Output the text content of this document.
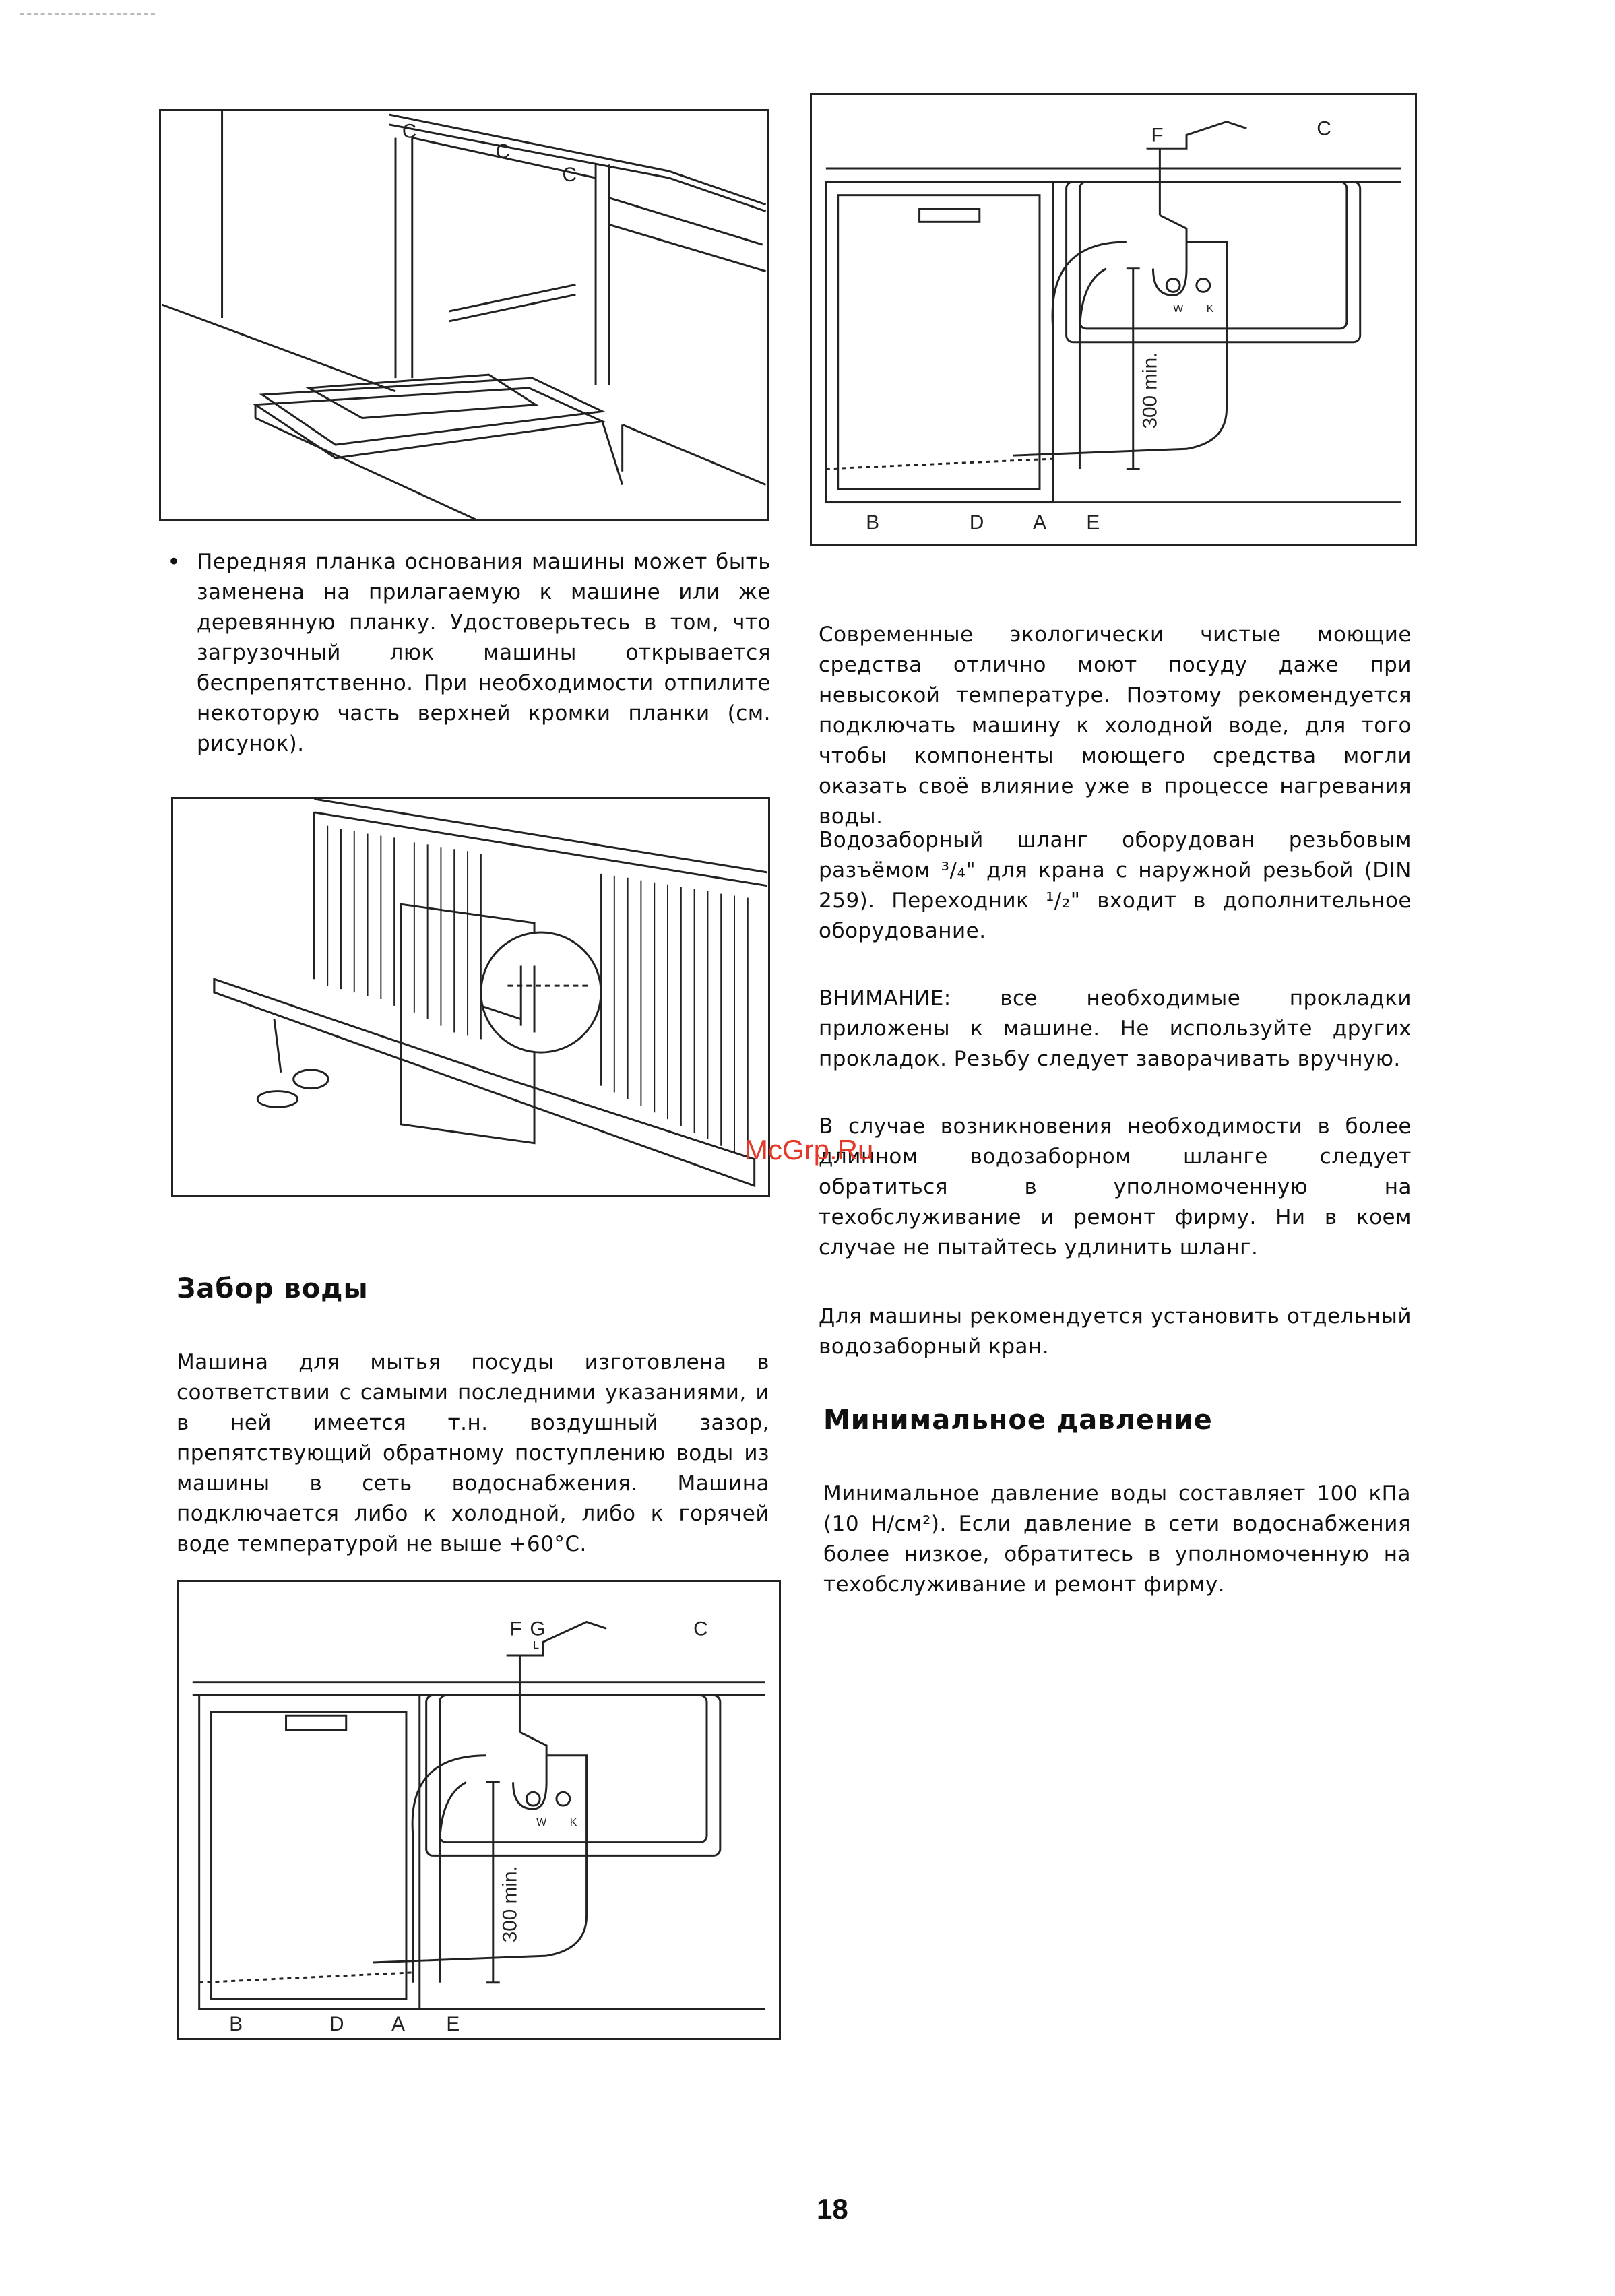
C
C
C
F	C
W K
300 min.
B	D A E
• Передняя планка основания машины может быть заменена на прилагаемую к машине или же деревянную планку. Удостоверьтесь в том, что загрузочный люк машины открывается беспрепятственно. При необходимости отпилите некоторую часть верхней кромки планки (см. рисунок).

Современные экологически чистые моющие средства отлично моют посуду даже при невысокой температуре. Поэтому рекомендуется подключать машину к холодной воде, для того чтобы компоненты моющего средства могли оказать своё влияние уже в процессе нагревания воды.

Водозаборный шланг оборудован резьбовым разъёмом ³/₄" для крана с наружной резьбой (DIN 259). Переходник ¹/₂" входит в дополнительное оборудование.

ВНИМАНИЕ: все необходимые прокладки приложены к машине. Не используйте других прокладок. Резьбу следует заворачивать вручную.

В случае возникновения необходимости в более длинном водозаборном шланге следует обратиться в уполномоченную на техобслуживание и ремонт фирму. Ни в коем случае не пытайтесь удлинить шланг.

Для машины рекомендуется установить отдельный водозаборный кран.

McGrp.Ru
Забор воды

Машина для мытья посуды изготовлена в соответствии с самыми последними указаниями, и в ней имеется т.н. воздушный зазор, препятствующий обратному поступлению воды из машины в сеть водоснабжения. Машина подключается либо к холодной, либо к горячей воде температурой не выше +60°С.

Минимальное давление

Минимальное давление воды составляет 100 кПа (10 Н/см²). Если давление в сети водоснабжения более низкое, обратитесь в уполномоченную на техобслуживание и ремонт фирму.

F G
L
C
W K
300 min.
B	D A E
18
